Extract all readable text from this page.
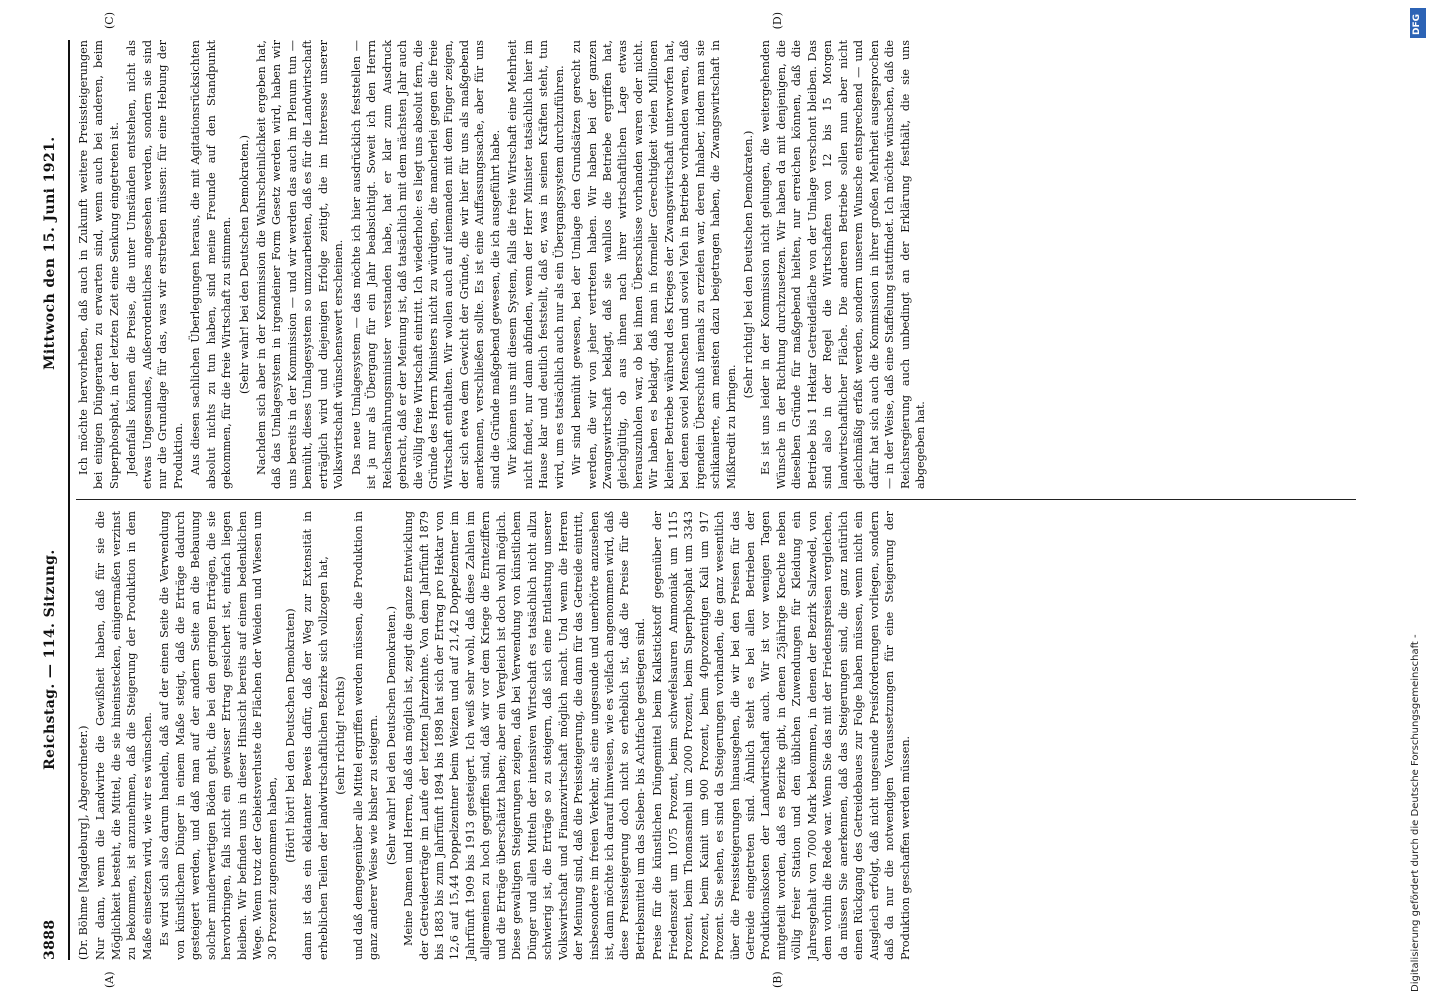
3888
Reichstag. — 114. Sitzung.
Mittwoch den 15. Juni 1921.
(A)	(B)

(Dr. Böhme [Magdeburg], Abgeordneter.) Nur dann, wenn die Landwirte die Gewißheit haben, daß für sie die Möglichkeit besteht, die Mittel, die sie hineinstecken, einigermaßen verzinst zu bekommen, ist anzunehmen, daß die Steigerung der Produktion in dem Maße einsetzen wird, wie wir es wünschen. Es wird sich also darum handeln, daß auf der einen Seite die Verwendung von künstlichem Dünger in einem Maße steigt, daß die Erträge dadurch gesteigert werden, und daß man auf der andern Seite an die Bebauung solcher minderwertigen Böden geht, die bei den geringen Erträgen, die sie hervorbringen, falls nicht ein gewisser Ertrag gesichert ist, einfach liegen bleiben. Wir befinden uns in dieser Hinsicht bereits auf einem bedenklichen Wege. Wenn trotz der Gebietsverluste die Flächen der Weiden und Wiesen um 30 Prozent zugenommen haben,

(Hört! hört! bei den Deutschen Demokraten) dann ist das ein eklatanter Beweis dafür, daß der Weg zur Extensität in erheblichen Teilen der landwirtschaftlichen Bezirke sich vollzogen hat, (sehr richtig! rechts) und daß demgegenüber alle Mittel ergriffen werden müssen, die Produktion in ganz anderer Weise wie bisher zu steigern. (Sehr wahr! bei den Deutschen Demokraten.) Meine Damen und Herren, daß das möglich ist, zeigt die ganze Entwicklung der Getreideerträge im Laufe der letzten Jahrzehnte. Von dem Jahrfünft 1879 bis 1883 bis zum Jahrfünft 1894 bis 1898 hat sich der Ertrag pro Hektar von 12,6 auf 15,44 Doppelzentner beim Weizen und auf 21,42 Doppelzentner im Jahrfünft 1909 bis 1913 gesteigert. Ich weiß sehr wohl, daß diese Zahlen im allgemeinen zu hoch gegriffen sind, daß wir vor dem Kriege die Ernteziffern und die Erträge überschätzt haben; aber ein Vergleich ist doch wohl möglich. Diese gewaltigen Steigerungen zeigen, daß bei Verwendung von künstlichem Dünger und allen Mitteln der intensiven Wirtschaft es tatsächlich nicht allzu schwierig ist, die Erträge so zu steigern, daß sich eine Entlastung unserer Volkswirtschaft und Finanzwirtschaft möglich macht. Und wenn die Herren der Meinung sind, daß die Preissteigerung, die dann für das Getreide eintritt, insbesondere im freien Verkehr, als eine ungesunde und unerhörte anzusehen ist, dann möchte ich darauf hinweisen, wie es vielfach angenommen wird, daß diese Preissteigerung doch nicht so erheblich ist, daß die Preise für die Betriebsmittel um das Sieben- bis Achtfache gestiegen sind. Preise für die künstlichen Düngemittel beim Kalkstickstoff gegenüber der Friedenszeit um 1075 Prozent, beim schwefelsauren Ammoniak um 1115 Prozent, beim Thomasmehl um 2000 Prozent, beim Superphosphat um 3343 Prozent, beim Kainit um 900 Prozent, beim 40prozentigen Kali um 917 Prozent. Sie sehen, es sind da Steigerungen vorhanden, die ganz wesentlich über die Preissteigerungen hinausgehen, die wir bei den Preisen für das Getreide eingetreten sind. Ähnlich steht es bei allen Betrieben der Produktionskosten der Landwirtschaft auch. Wir ist vor wenigen Tagen mitgeteilt worden, daß es Bezirke gibt, in denen 25jährige Knechte neben völlig freier Station und den üblichen Zuwendungen für Kleidung ein Jahresgehalt von 7000 Mark bekommen, in denen der Bezirk Salzwedel, von dem vorhin die Rede war. Wenn Sie das mit der Friedenspreisen vergleichen, da müssen Sie anerkennen, daß das Steigerungen sind, die ganz natürlich einen Rückgang des Getreidebaues zur Folge haben müssen, wenn nicht ein Ausgleich erfolgt, daß nicht ungesunde Preisforderungen vorliegen, sondern daß da nur die notwendigen Voraussetzungen für eine Steigerung der Produktion geschaffen werden müssen.

(C)	(D)

Ich möchte hervorheben, daß auch in Zukunft weitere Preissteigerungen bei einigen Düngerarten zu erwarten sind, wenn auch bei anderen, beim Superphosphat, in der letzten Zeit eine Senkung eingetreten ist. Jedenfalls können die Preise, die unter Umständen entstehen, nicht als etwas Ungesundes, Außerordentliches angesehen werden, sondern sie sind nur die Grundlage für das, was wir erstreben müssen: für eine Hebung der Produktion. Aus diesen sachlichen Überlegungen heraus, die mit Agitationsrücksichten absolut nichts zu tun haben, sind meine Freunde auf den Standpunkt gekommen, für die freie Wirtschaft zu stimmen. (Sehr wahr! bei den Deutschen Demokraten.) Nachdem sich aber in der Kommission die Wahrscheinlichkeit ergeben hat, daß das Umlagesystem in irgendeiner Form Gesetz werden wird, haben wir uns bereits in der Kommission — und wir werden das auch im Plenum tun — bemüht, dieses Umlagesystem so umzuarbeiten, daß es für die Landwirtschaft erträglich wird und diejenigen Erfolge zeitigt, die im Interesse unserer Volkswirtschaft wünschenswert erscheinen. Das neue Umlagesystem — das möchte ich hier ausdrücklich feststellen — ist ja nur als Übergang für ein Jahr beabsichtigt. Soweit ich den Herrn Reichsernährungsminister verstanden habe, hat er klar zum Ausdruck gebracht, daß er der Meinung ist, daß tatsächlich mit dem nächsten Jahr auch die völlig freie Wirtschaft eintritt. Ich wiederhole: es liegt uns absolut fern, die Gründe des Herrn Ministers nicht zu würdigen, die mancherlei gegen die freie Wirtschaft enthalten. Wir wollen auch auf niemanden mit dem Finger zeigen, der sich etwa dem Gewicht der Gründe, die wir hier für uns als maßgebend anerkennen, verschließen sollte. Es ist eine Auffassungssache, aber für uns sind die Gründe maßgebend gewesen, die ich ausgeführt habe. Wir können uns mit diesem System, falls die freie Wirtschaft eine Mehrheit nicht findet, nur dann abfinden, wenn der Herr Minister tatsächlich hier im Hause klar und deutlich feststellt, daß er, was in seinen Kräften steht, tun wird, um es tatsächlich auch nur als ein Übergangssystem durchzuführen. Wir sind bemüht gewesen, bei der Umlage den Grundsätzen gerecht zu werden, die wir von jeher vertreten haben. Wir haben bei der ganzen Zwangswirtschaft beklagt, daß sie wahllos die Betriebe ergriffen hat, gleichgültig, ob aus ihnen nach ihrer wirtschaftlichen Lage etwas herauszuholen war, ob bei ihnen Überschüsse vorhanden waren oder nicht. Wir haben es beklagt, daß man in formeller Gerechtigkeit vielen Millionen kleiner Betriebe während des Krieges der Zwangswirtschaft unterworfen hat, bei denen soviel Menschen und soviel Vieh in Betriebe vorhanden waren, daß irgendein Überschuß niemals zu erzielen war, deren Inhaber, indem man sie schikanierte, am meisten dazu beigetragen haben, die Zwangswirtschaft in Mißkredit zu bringen.

(Sehr richtig! bei den Deutschen Demokraten.) Es ist uns leider in der Kommission nicht gelungen, die weitergehenden Wünsche in der Richtung durchzusetzen. Wir haben da mit denjenigen, die dieselben Gründe für maßgebend hielten, nur erreichen können, daß die Betriebe bis 1 Hektar Getreidefläche von der Umlage verschont bleiben. Das sind also in der Regel die Wirtschaften von 12 bis 15 Morgen landwirtschaftlicher Fläche. Die anderen Betriebe sollen nun aber nicht gleichmäßig erfaßt werden, sondern unserem Wunsche entsprechend — und dafür hat sich auch die Kommission in ihrer großen Mehrheit ausgesprochen — in der Weise, daß eine Staffelung stattfindet. Ich möchte wünschen, daß die Reichsregierung auch unbedingt an der Erklärung festhält, die sie uns abgegeben hat.

DFG
Digitalisierung gefördert durch die Deutsche Forschungsgemeinschaft -
